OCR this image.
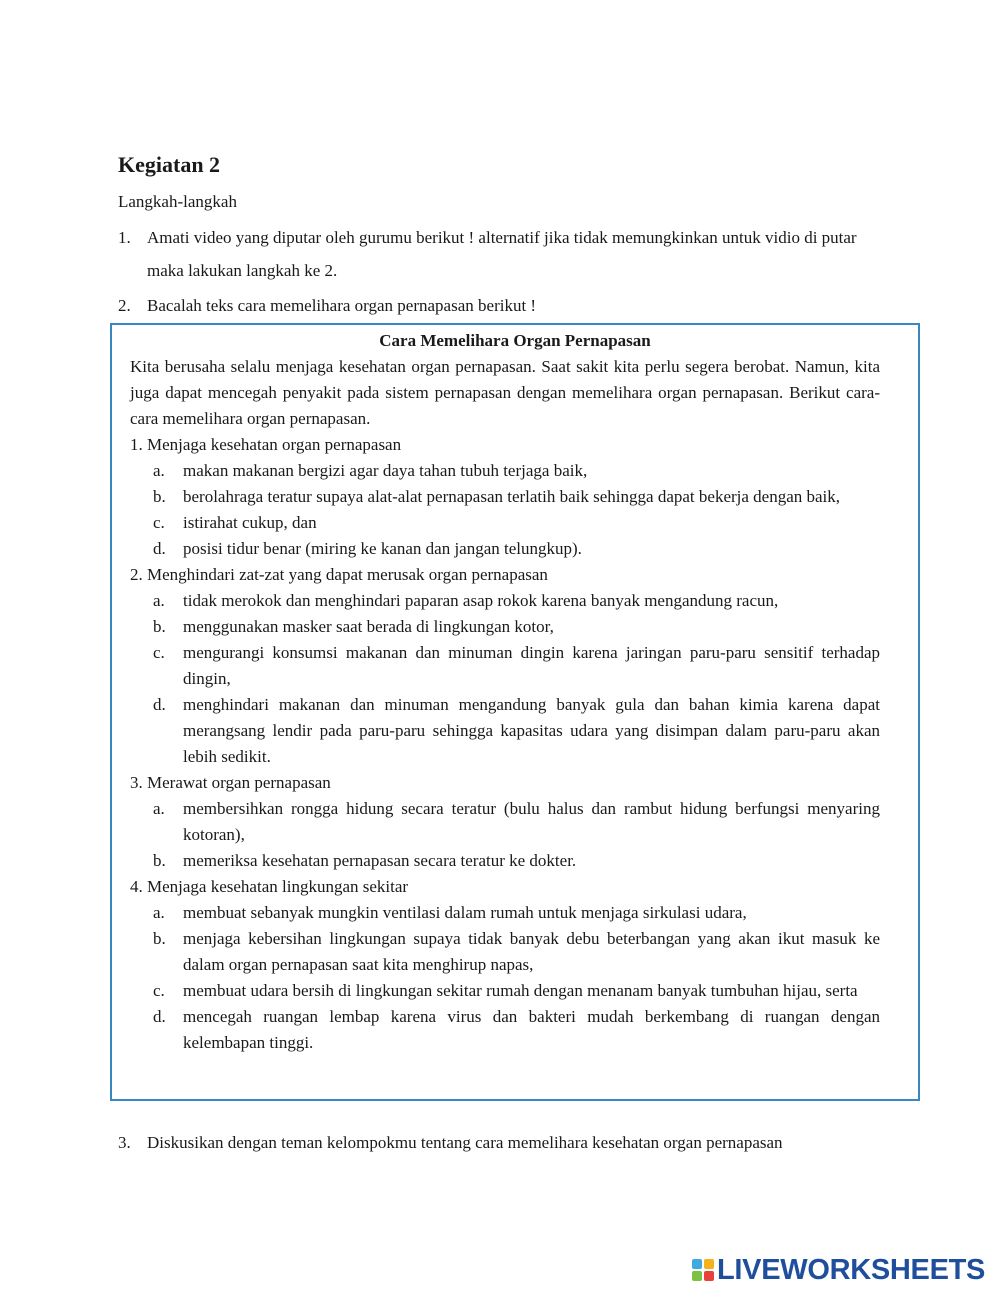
Kegiatan 2

Langkah-langkah

1. Amati video yang diputar oleh gurumu berikut ! alternatif jika tidak memungkinkan untuk vidio di putar maka lakukan langkah ke 2.
2. Bacalah teks cara memelihara organ pernapasan berikut !

Cara Memelihara Organ Pernapasan

Kita berusaha selalu menjaga kesehatan organ pernapasan. Saat sakit kita perlu segera berobat. Namun, kita juga dapat mencegah penyakit pada sistem pernapasan dengan memelihara organ pernapasan. Berikut cara-cara memelihara organ pernapasan.

1. Menjaga kesehatan organ pernapasan

a. makan makanan bergizi agar daya tahan tubuh terjaga baik,
b. berolahraga teratur supaya alat-alat pernapasan terlatih baik sehingga dapat bekerja dengan baik,
c. istirahat cukup, dan
d. posisi tidur benar (miring ke kanan dan jangan telungkup).

2. Menghindari zat-zat yang dapat merusak organ pernapasan

a. tidak merokok dan menghindari paparan asap rokok karena banyak mengandung racun,
b. menggunakan masker saat berada di lingkungan kotor,
c. mengurangi konsumsi makanan dan minuman dingin karena jaringan paru-paru sensitif terhadap dingin,
d. menghindari makanan dan minuman mengandung banyak gula dan bahan kimia karena dapat merangsang lendir pada paru-paru sehingga kapasitas udara yang disimpan dalam paru-paru akan lebih sedikit.

3. Merawat organ pernapasan

a. membersihkan rongga hidung secara teratur (bulu halus dan rambut hidung berfungsi menyaring kotoran),
b. memeriksa kesehatan pernapasan secara teratur ke dokter.

4. Menjaga kesehatan lingkungan sekitar

a. membuat sebanyak mungkin ventilasi dalam rumah untuk menjaga sirkulasi udara,
b. menjaga kebersihan lingkungan supaya tidak banyak debu beterbangan yang akan ikut masuk ke dalam organ pernapasan saat kita menghirup napas,
c. membuat udara bersih di lingkungan sekitar rumah dengan menanam banyak tumbuhan hijau, serta
d. mencegah ruangan lembap karena virus dan bakteri mudah berkembang di ruangan dengan kelembapan tinggi.
3. Diskusikan dengan teman kelompokmu tentang cara memelihara kesehatan organ pernapasan
LIVEWORKSHEETS
